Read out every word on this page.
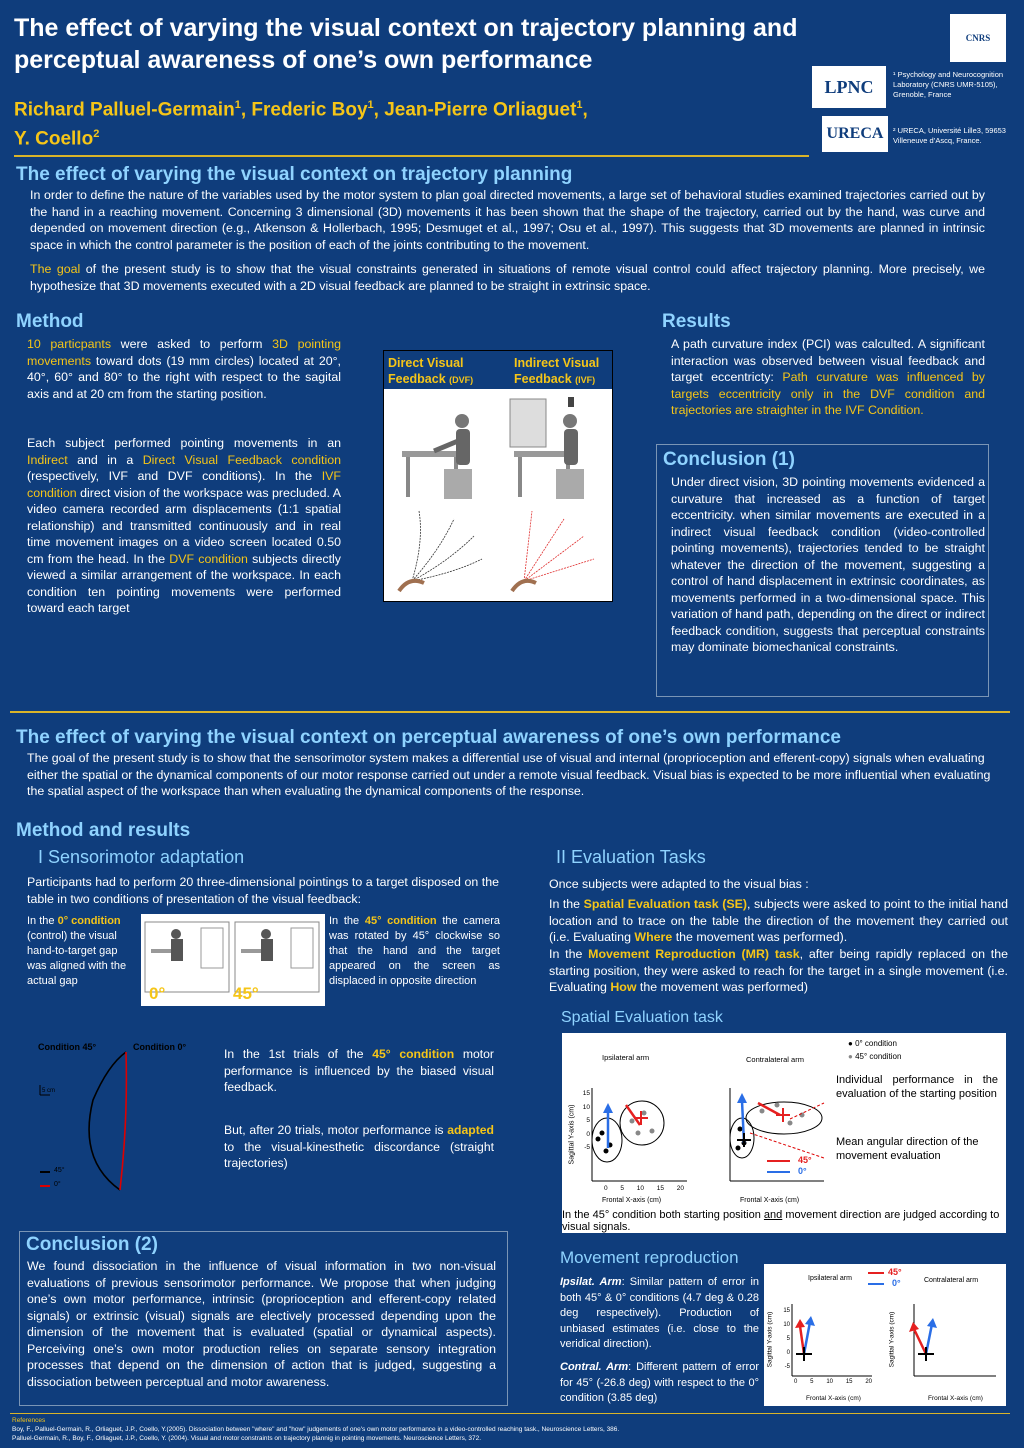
The effect of varying the visual context on trajectory planning and perceptual awareness of one’s own performance
Richard Palluel-Germain$^1$, Frederic Boy$^1$, Jean-Pierre Orliaguet$^1$,
Y. Coello$^2$
CNRS
LPNC
¹ Psychology and Neurocognition Laboratory (CNRS UMR-5105), Grenoble, France
URECA ² URECA, Université Lille3, 59653 Villeneuve d’Ascq, France.
The effect of varying the visual context on trajectory planning
In order to define the nature of the variables used by the motor system to plan goal directed movements, a large set of behavioral studies examined trajectories carried out by the hand in a reaching movement. Concerning 3 dimensional (3D) movements it has been shown that the shape of the trajectory, carried out by the hand, was curve and depended on movement direction (e.g., Atkenson & Hollerbach, 1995; Desmuget et al., 1997; Osu et al., 1997). This suggests that 3D movements are planned in intrinsic space in which the control parameter is the position of each of the joints contributing to the movement.
The goal of the present study is to show that the visual constraints generated in situations of remote visual control could affect trajectory planning. More precisely, we hypothesize that 3D movements executed with a 2D visual feedback are planned to be straight in extrinsic space.
Method
10 particpants were asked to perform 3D pointing movements toward dots (19 mm circles) located at 20°, 40°, 60° and 80° to the right with respect to the sagital axis and at 20 cm from the starting position.
Each subject performed pointing movements in an Indirect and in a Direct Visual Feedback condition (respectively, IVF and DVF conditions). In the IVF condition direct vision of the workspace was precluded. A video camera recorded arm displacements (1:1 spatial relationship) and transmitted continuously and in real time movement images on a video screen located 0.50 cm from the head. In the DVF condition subjects directly viewed a similar arrangement of the workspace. In each condition ten pointing movements were performed toward each target
Direct Visual Feedback (DVF)
Indirect Visual Feedback (IVF)
Results
A path curvature index (PCI) was calculted. A significant interaction was observed between visual feedback and target eccentricty: Path curvature was influenced by targets eccentricity only in the DVF condition and trajectories are straighter in the IVF Condition.
Conclusion (1)
Under direct vision, 3D pointing movements evidenced a curvature that increased as a function of target eccentricity. when similar movements are executed in a indirect visual feedback condition (video-controlled pointing movements), trajectories tended to be straight whatever the direction of the movement, suggesting a control of hand displacement in extrinsic coordinates, as movements performed in a two-dimensional space. This variation of hand path, depending on the direct or indirect feedback condition, suggests that perceptual constraints may dominate biomechanical constraints.
The effect of varying the visual context on perceptual awareness of one’s own performance
The goal of the present study is to show that the sensorimotor system makes a differential use of visual and internal (proprioception and efferent-copy) signals when evaluating either the spatial or the dynamical components of our motor response carried out under a remote visual feedback. Visual bias is expected to be more influential when evaluating the spatial aspect of the workspace than when evaluating the dynamical components of the response.
Method and results
I Sensorimotor adaptation
Participants had to perform 20 three-dimensional pointings to a target disposed on the table in two conditions of presentation of the visual feedback:
In the 0° condition (control) the visual hand-to-target gap was aligned with the actual gap
In the 45° condition the camera was rotated by 45° clockwise so that the hand and the target appeared on the screen as displaced in opposite direction
0°	45°
Condition 45°	Condition 0°
5 cm
45°
0°
In the 1st trials of the 45° condition motor performance is influenced by the biased visual feedback.
But, after 20 trials, motor performance is adapted to the visual-kinesthetic discordance (straight trajectories)
II Evaluation Tasks
Once subjects were adapted to the visual bias :
In the Spatial Evaluation task (SE), subjects were asked to point to the initial hand location and to trace on the table the direction of the movement they carried out (i.e. Evaluating Where the movement was performed).
In the Movement Reproduction (MR) task, after being rapidly replaced on the starting position, they were asked to reach for the target in a single movement (i.e. Evaluating How the movement was performed)
Spatial Evaluation task
Ipsilateral arm	Contralateral arm
Sagittal Y-axis (cm)
Frontal X-axis (cm)	Frontal X-axis (cm)
45°
0°
15
10
5
0
-5
0 5 10 15 20
● 0° condition
● 45° condition
Individual performance in the evaluation of the starting position
Mean angular direction of the movement evaluation
In the 45° condition both starting position and movement direction are judged according to visual signals.
Movement reproduction
Ipsilat. Arm: Similar pattern of error in both 45° & 0° conditions (4.7 deg & 0.28 deg respectively). Production of unbiased estimates (i.e. close to the veridical direction).
Contral. Arm: Different pattern of error for 45° (-26.8 deg) with respect to the 0° condition (3.85 deg)
Ipsilateral arm	Contralateral arm
45°
0°
Sagittal Y-axis (cm)	Sagittal Y-axis (cm)
Frontal X-axis (cm)	Frontal X-axis (cm)
0 5 10 15 20
15
10
5
0
-5
Conclusion (2)
We found dissociation in the influence of visual information in two non-visual evaluations of previous sensorimotor performance. We propose that when judging one’s own motor performance, intrinsic (proprioception and efferent-copy related signals) or extrinsic (visual) signals are electively processed depending upon the dimension of the movement that is evaluated (spatial or dynamical aspects). Perceiving one’s own motor production relies on separate sensory integration processes that depend on the dimension of action that is judged, suggesting a dissociation between perceptual and motor awareness.
References
Boy, F., Palluel-Germain, R., Orliaguet, J.P., Coello, Y.(2005). Dissociation between "where" and "how" judgements of one's own motor performance in a video-controlled reaching task., Neuroscience Letters, 386.
Palluel-Germain, R., Boy, F., Orliaguet, J.P., Coello, Y. (2004). Visual and motor constraints on trajectory plannig in pointing movements. Neuroscience Letters, 372.
